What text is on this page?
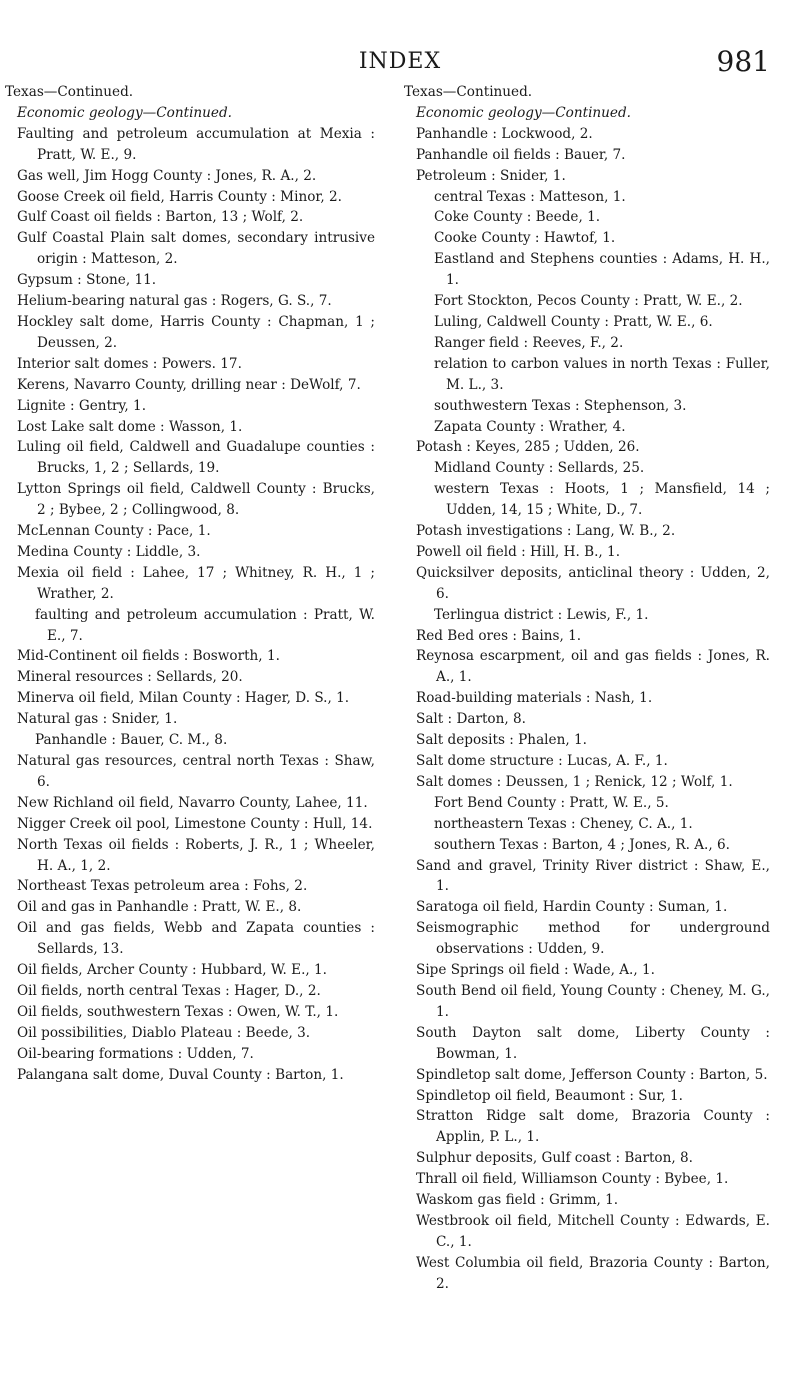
INDEX	981
Texas—Continued.
Economic geology—Continued.
Faulting and petroleum accumulation at Mexia : Pratt, W. E., 9.
Gas well, Jim Hogg County : Jones, R. A., 2.
Goose Creek oil field, Harris County : Minor, 2.
Gulf Coast oil fields : Barton, 13 ; Wolf, 2.
Gulf Coastal Plain salt domes, secondary intrusive origin : Matteson, 2.
Gypsum : Stone, 11.
Helium-bearing natural gas : Rogers, G. S., 7.
Hockley salt dome, Harris County : Chapman, 1 ; Deussen, 2.
Interior salt domes : Powers. 17.
Kerens, Navarro County, drilling near : DeWolf, 7.
Lignite : Gentry, 1.
Lost Lake salt dome : Wasson, 1.
Luling oil field, Caldwell and Guadalupe counties : Brucks, 1, 2 ; Sellards, 19.
Lytton Springs oil field, Caldwell County : Brucks, 2 ; Bybee, 2 ; Collingwood, 8.
McLennan County : Pace, 1.
Medina County : Liddle, 3.
Mexia oil field : Lahee, 17 ; Whitney, R. H., 1 ; Wrather, 2.
faulting and petroleum accumulation : Pratt, W. E., 7.
Mid-Continent oil fields : Bosworth, 1.
Mineral resources : Sellards, 20.
Minerva oil field, Milan County : Hager, D. S., 1.
Natural gas : Snider, 1.
Panhandle : Bauer, C. M., 8.
Natural gas resources, central north Texas : Shaw, 6.
New Richland oil field, Navarro County, Lahee, 11.
Nigger Creek oil pool, Limestone County : Hull, 14.
North Texas oil fields : Roberts, J. R., 1 ; Wheeler, H. A., 1, 2.
Northeast Texas petroleum area : Fohs, 2.
Oil and gas in Panhandle : Pratt, W. E., 8.
Oil and gas fields, Webb and Zapata counties : Sellards, 13.
Oil fields, Archer County : Hubbard, W. E., 1.
Oil fields, north central Texas : Hager, D., 2.
Oil fields, southwestern Texas : Owen, W. T., 1.
Oil possibilities, Diablo Plateau : Beede, 3.
Oil-bearing formations : Udden, 7.
Palangana salt dome, Duval County : Barton, 1.
Texas—Continued.
Economic geology—Continued.
Panhandle : Lockwood, 2.
Panhandle oil fields : Bauer, 7.
Petroleum : Snider, 1.
central Texas : Matteson, 1.
Coke County : Beede, 1.
Cooke County : Hawtof, 1.
Eastland and Stephens counties : Adams, H. H., 1.
Fort Stockton, Pecos County : Pratt, W. E., 2.
Luling, Caldwell County : Pratt, W. E., 6.
Ranger field : Reeves, F., 2.
relation to carbon values in north Texas : Fuller, M. L., 3.
southwestern Texas : Stephenson, 3.
Zapata County : Wrather, 4.
Potash : Keyes, 285 ; Udden, 26.
Midland County : Sellards, 25.
western Texas : Hoots, 1 ; Mansfield, 14 ; Udden, 14, 15 ; White, D., 7.
Potash investigations : Lang, W. B., 2.
Powell oil field : Hill, H. B., 1.
Quicksilver deposits, anticlinal theory : Udden, 2, 6.
Terlingua district : Lewis, F., 1.
Red Bed ores : Bains, 1.
Reynosa escarpment, oil and gas fields : Jones, R. A., 1.
Road-building materials : Nash, 1.
Salt : Darton, 8.
Salt deposits : Phalen, 1.
Salt dome structure : Lucas, A. F., 1.
Salt domes : Deussen, 1 ; Renick, 12 ; Wolf, 1.
Fort Bend County : Pratt, W. E., 5.
northeastern Texas : Cheney, C. A., 1.
southern Texas : Barton, 4 ; Jones, R. A., 6.
Sand and gravel, Trinity River district : Shaw, E., 1.
Saratoga oil field, Hardin County : Suman, 1.
Seismographic method for underground observations : Udden, 9.
Sipe Springs oil field : Wade, A., 1.
South Bend oil field, Young County : Cheney, M. G., 1.
South Dayton salt dome, Liberty County : Bowman, 1.
Spindletop salt dome, Jefferson County : Barton, 5.
Spindletop oil field, Beaumont : Sur, 1.
Stratton Ridge salt dome, Brazoria County : Applin, P. L., 1.
Sulphur deposits, Gulf coast : Barton, 8.
Thrall oil field, Williamson County : Bybee, 1.
Waskom gas field : Grimm, 1.
Westbrook oil field, Mitchell County : Edwards, E. C., 1.
West Columbia oil field, Brazoria County : Barton, 2.
